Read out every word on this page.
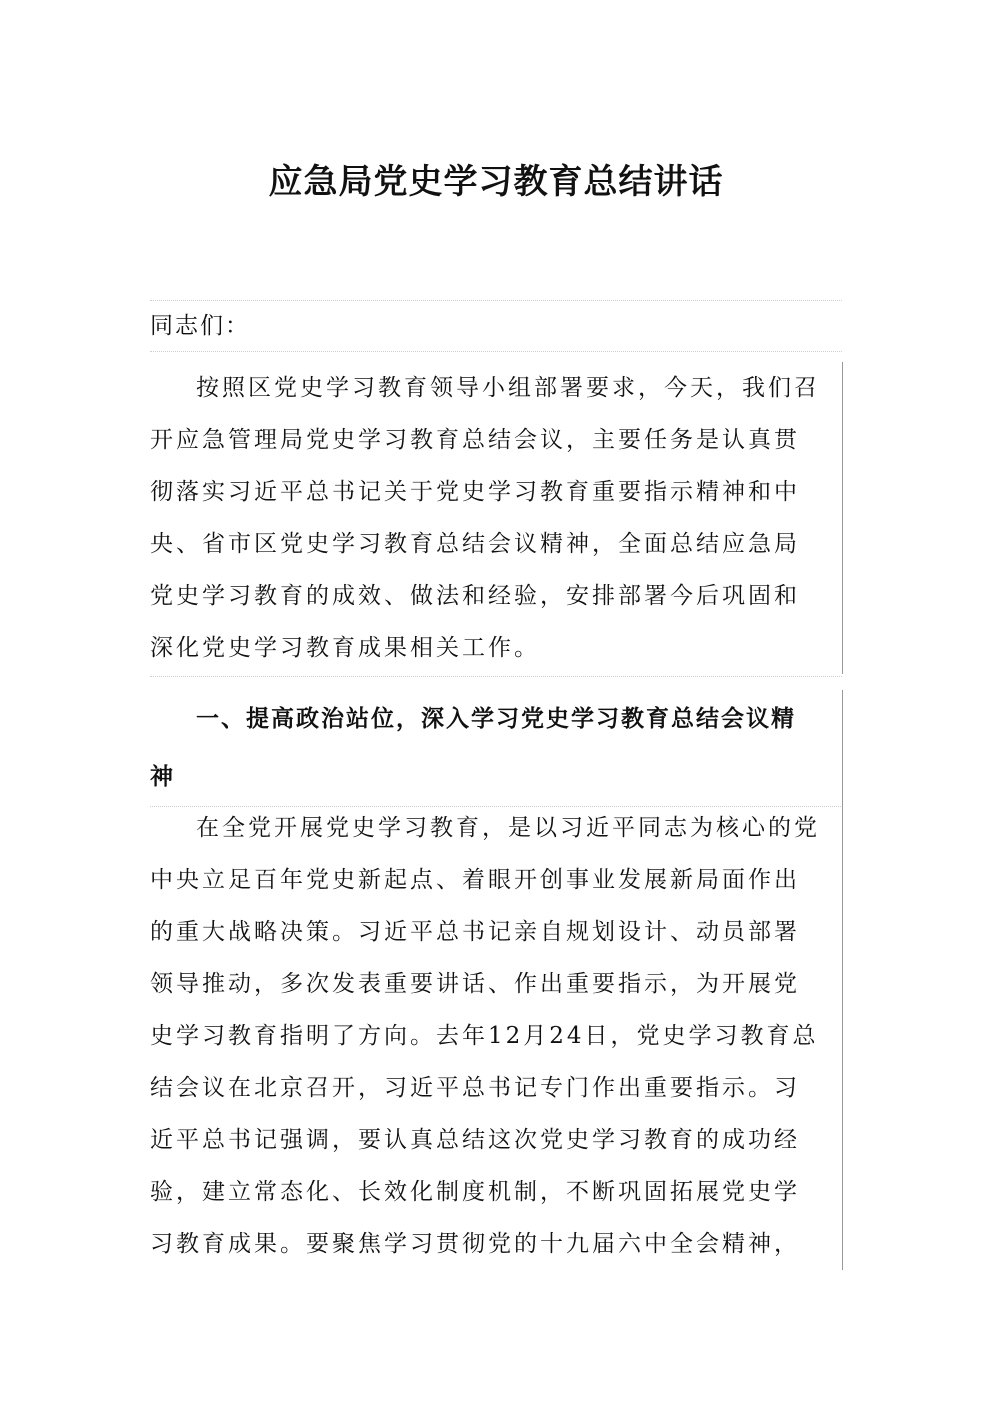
应急局党史学习教育总结讲话
同志们：
按照区党史学习教育领导小组部署要求，今天，我们召
开应急管理局党史学习教育总结会议，主要任务是认真贯
彻落实习近平总书记关于党史学习教育重要指示精神和中
央、省市区党史学习教育总结会议精神，全面总结应急局
党史学习教育的成效、做法和经验，安排部署今后巩固和
深化党史学习教育成果相关工作。
一、提高政治站位，深入学习党史学习教育总结会议精
神
在全党开展党史学习教育，是以习近平同志为核心的党
中央立足百年党史新起点、着眼开创事业发展新局面作出
的重大战略决策。习近平总书记亲自规划设计、动员部署
领导推动，多次发表重要讲话、作出重要指示，为开展党
史学习教育指明了方向。去年12月24日，党史学习教育总
结会议在北京召开，习近平总书记专门作出重要指示。习
近平总书记强调，要认真总结这次党史学习教育的成功经
验，建立常态化、长效化制度机制，不断巩固拓展党史学
习教育成果。要聚焦学习贯彻党的十九届六中全会精神，
